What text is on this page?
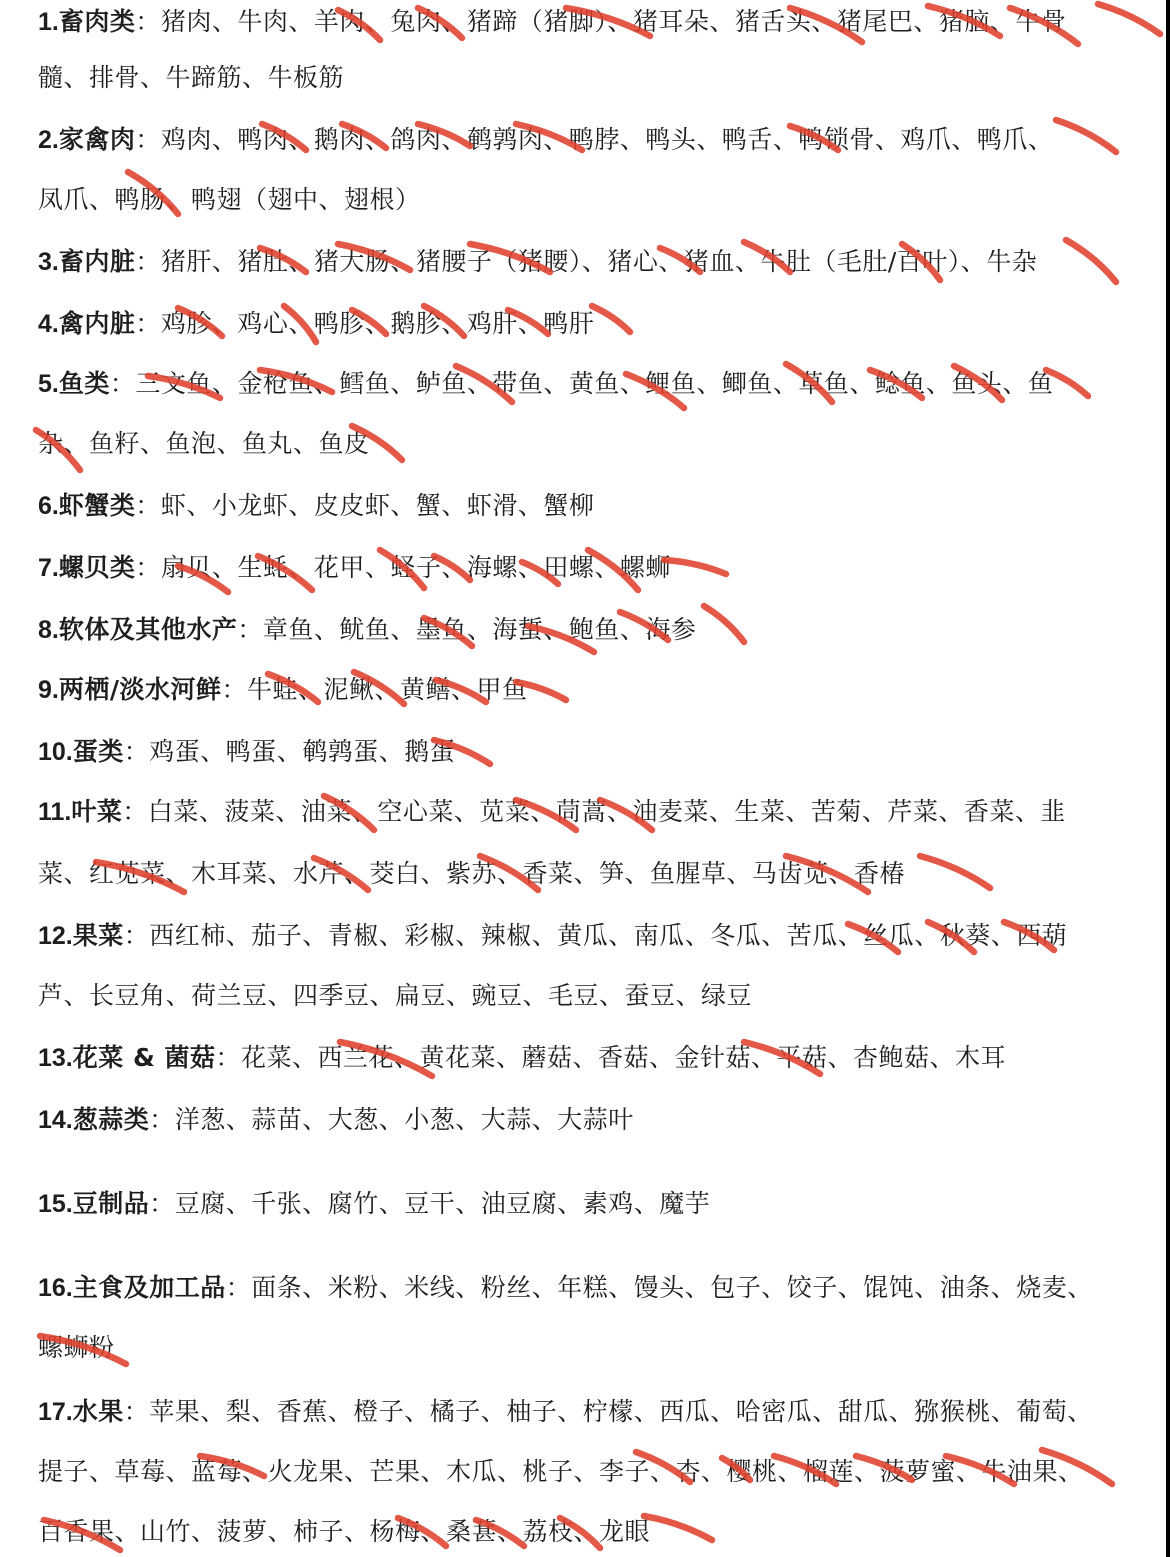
1.畜肉类：猪肉、牛肉、羊肉、兔肉、猪蹄（猪脚）、猪耳朵、猪舌头、猪尾巴、猪脑、牛骨
髓、排骨、牛蹄筋、牛板筋
2.家禽肉：鸡肉、鸭肉、鹅肉、鸽肉、鹌鹑肉、鸭脖、鸭头、鸭舌、鸭锁骨、鸡爪、鸭爪、
凤爪、鸭肠、鸭翅（翅中、翅根）
3.畜内脏：猪肝、猪肚、猪大肠、猪腰子（猪腰）、猪心、猪血、牛肚（毛肚/百叶）、牛杂
4.禽内脏：鸡胗、鸡心、鸭胗、鹅胗、鸡肝、鸭肝
5.鱼类：三文鱼、金枪鱼、鳕鱼、鲈鱼、带鱼、黄鱼、鲤鱼、鲫鱼、草鱼、鲶鱼、鱼头、鱼
杂、鱼籽、鱼泡、鱼丸、鱼皮
6.虾蟹类：虾、小龙虾、皮皮虾、蟹、虾滑、蟹柳
7.螺贝类：扇贝、生蚝、花甲、蛏子、海螺、田螺、螺蛳
8.软体及其他水产：章鱼、鱿鱼、墨鱼、海蜇、鲍鱼、海参
9.两栖/淡水河鲜：牛蛙、泥鳅、黄鳝、甲鱼
10.蛋类：鸡蛋、鸭蛋、鹌鹑蛋、鹅蛋
11.叶菜：白菜、菠菜、油菜、空心菜、苋菜、茼蒿、油麦菜、生菜、苦菊、芹菜、香菜、韭
菜、红苋菜、木耳菜、水芹、茭白、紫苏、香菜、笋、鱼腥草、马齿苋、香椿
12.果菜：西红柿、茄子、青椒、彩椒、辣椒、黄瓜、南瓜、冬瓜、苦瓜、丝瓜、秋葵、西葫
芦、长豆角、荷兰豆、四季豆、扁豆、豌豆、毛豆、蚕豆、绿豆
13.花菜 & 菌菇：花菜、西兰花、黄花菜、蘑菇、香菇、金针菇、平菇、杏鲍菇、木耳
14.葱蒜类：洋葱、蒜苗、大葱、小葱、大蒜、大蒜叶
15.豆制品：豆腐、千张、腐竹、豆干、油豆腐、素鸡、魔芋
16.主食及加工品：面条、米粉、米线、粉丝、年糕、馒头、包子、饺子、馄饨、油条、烧麦、
螺蛳粉
17.水果：苹果、梨、香蕉、橙子、橘子、柚子、柠檬、西瓜、哈密瓜、甜瓜、猕猴桃、葡萄、
提子、草莓、蓝莓、火龙果、芒果、木瓜、桃子、李子、杏、樱桃、榴莲、菠萝蜜、牛油果、
百香果、山竹、菠萝、柿子、杨梅、桑葚、荔枝、龙眼
